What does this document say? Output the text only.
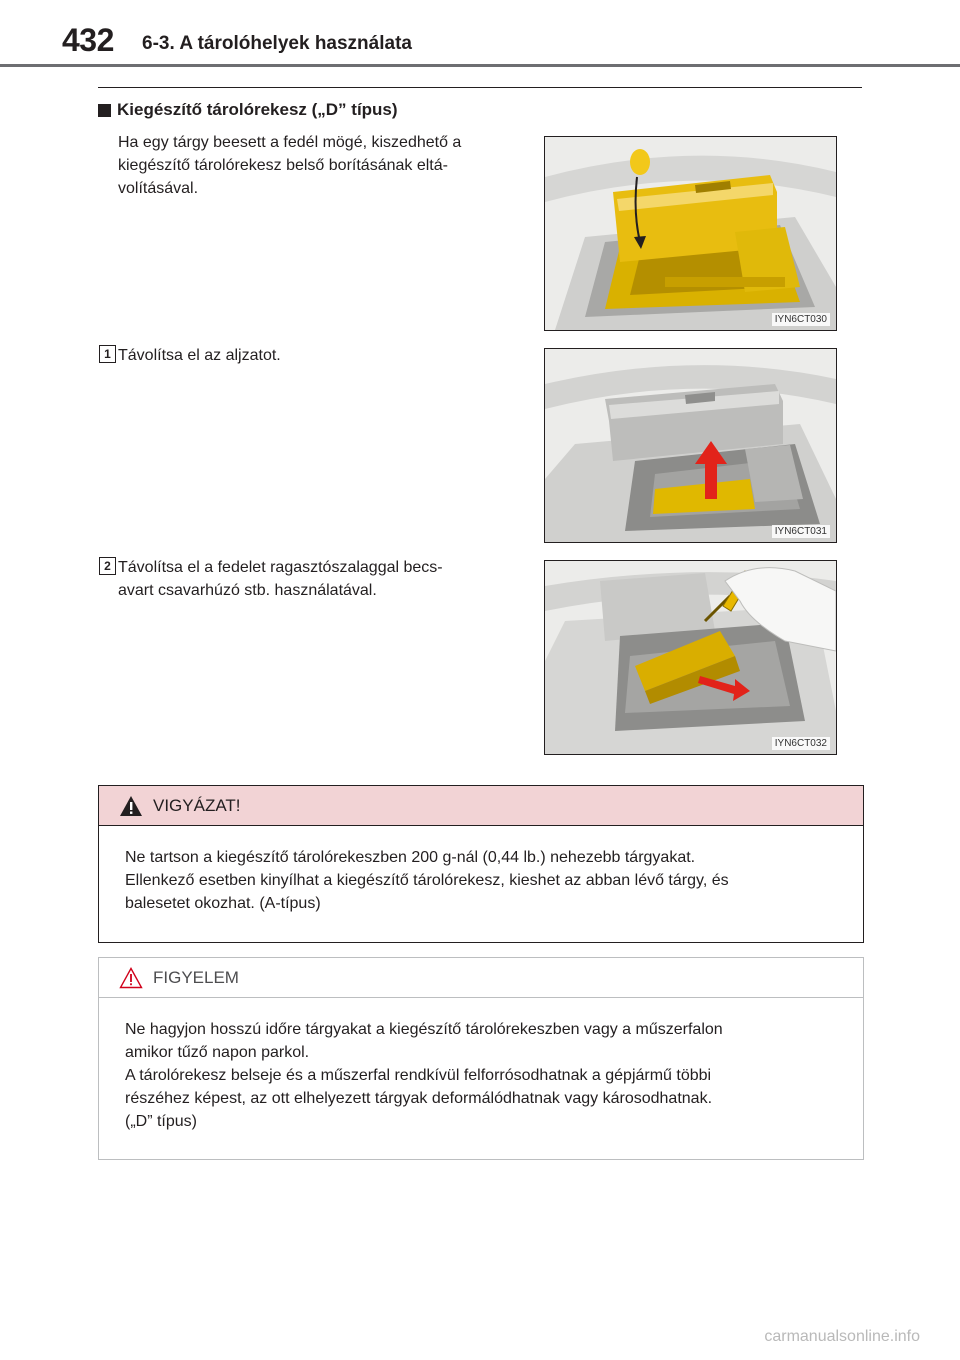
432 6-3. A tárolóhelyek használata
Kiegészítő tárolórekesz („D” típus)
Ha egy tárgy beesett a fedél mögé, kiszedhető a
kiegészítő tárolórekesz belső borításának eltá-
volításával.
1 Távolítsa el az aljzatot.
2 Távolítsa el a fedelet ragasztószalaggal becs-
avart csavarhúzó stb. használatával.
IYN6CT030
IYN6CT031
IYN6CT032
VIGYÁZAT!
Ne tartson a kiegészítő tárolórekeszben 200 g-nál (0,44 lb.) nehezebb tárgyakat.
Ellenkező esetben kinyílhat a kiegészítő tárolórekesz, kieshet az abban lévő tárgy, és
balesetet okozhat. (A-típus)
FIGYELEM
Ne hagyjon hosszú időre tárgyakat a kiegészítő tárolórekeszben vagy a műszerfalon
amikor tűző napon parkol.
A tárolórekesz belseje és a műszerfal rendkívül felforrósodhatnak a gépjármű többi
részéhez képest, az ott elhelyezett tárgyak deformálódhatnak vagy károsodhatnak.
(„D” típus)
carmanualsonline.info
